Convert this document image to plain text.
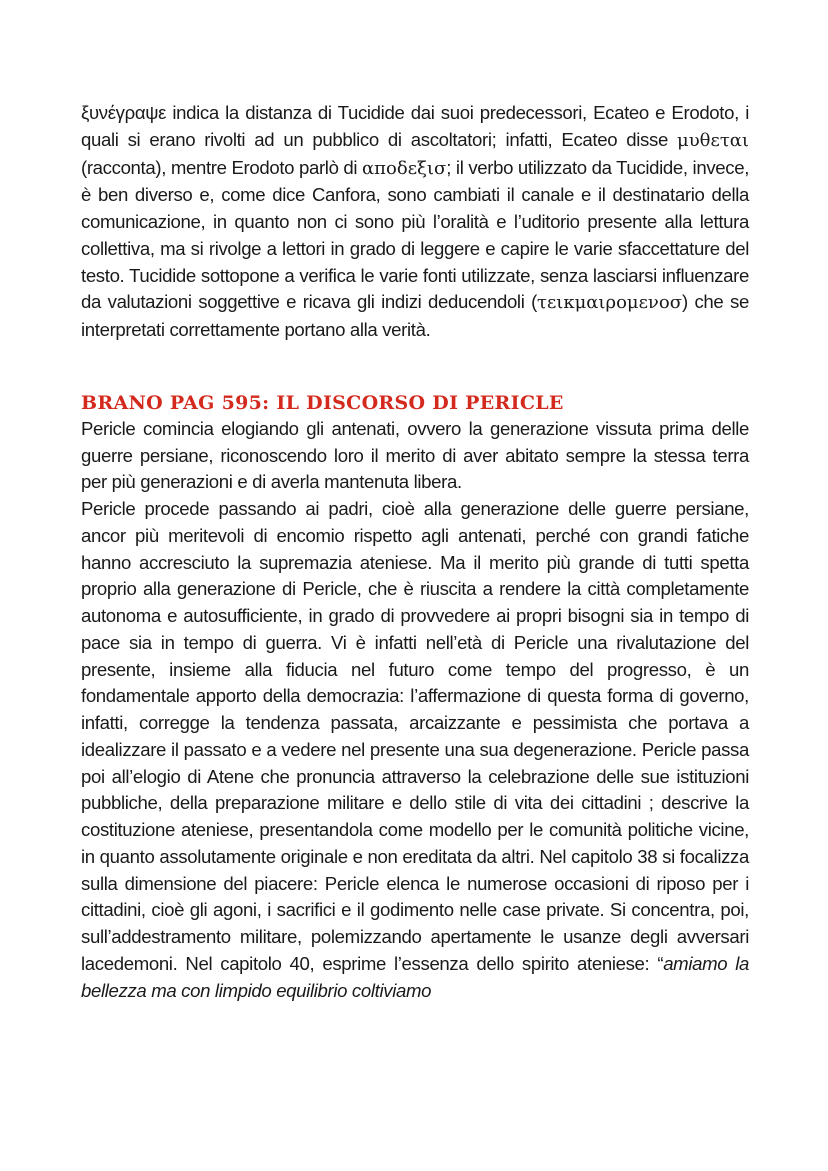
ξυνέγραψε indica la distanza di Tucidide dai suoi predecessori, Ecateo e Erodoto, i quali si erano rivolti ad un pubblico di ascoltatori; infatti, Ecateo disse μυθεται (racconta), mentre Erodoto parlò di αποδεξισ; il verbo utilizzato da Tucidide, invece, è ben diverso e, come dice Canfora, sono cambiati il canale e il destinatario della comunicazione, in quanto non ci sono più l’oralità e l’uditorio presente alla lettura collettiva, ma si rivolge a lettori in grado di leggere e capire le varie sfaccettature del testo. Tucidide sottopone a verifica le varie fonti utilizzate, senza lasciarsi influenzare da valutazioni soggettive e ricava gli indizi deducendoli (τεικμαιρομενοσ) che se interpretati correttamente portano alla verità.

BRANO PAG 595: IL DISCORSO DI PERICLE

Pericle comincia elogiando gli antenati, ovvero la generazione vissuta prima delle guerre persiane, riconoscendo loro il merito di aver abitato sempre la stessa terra per più generazioni e di averla mantenuta libera.

Pericle procede passando ai padri, cioè alla generazione delle guerre persiane, ancor più meritevoli di encomio rispetto agli antenati, perché con grandi fatiche hanno accresciuto la supremazia ateniese. Ma il merito più grande di tutti spetta proprio alla generazione di Pericle, che è riuscita a rendere la città completamente autonoma e autosufficiente, in grado di provvedere ai propri bisogni sia in tempo di pace sia in tempo di guerra. Vi è infatti nell’età di Pericle una rivalutazione del presente, insieme alla fiducia nel futuro come tempo del progresso, è un fondamentale apporto della democrazia: l’affermazione di questa forma di governo, infatti, corregge la tendenza passata, arcaizzante e pessimista che portava a idealizzare il passato e a vedere nel presente una sua degenerazione. Pericle passa poi all’elogio di Atene che pronuncia attraverso la celebrazione delle sue istituzioni pubbliche, della preparazione militare e dello stile di vita dei cittadini ; descrive la costituzione ateniese, presentandola come modello per le comunità politiche vicine, in quanto assolutamente originale e non ereditata da altri. Nel capitolo 38 si focalizza sulla dimensione del piacere: Pericle elenca le numerose occasioni di riposo per i cittadini, cioè gli agoni, i sacrifici e il godimento nelle case private. Si concentra, poi, sull’addestramento militare, polemizzando apertamente le usanze degli avversari lacedemoni. Nel capitolo 40, esprime l’essenza dello spirito ateniese: “amiamo la bellezza ma con limpido equilibrio coltiviamo
